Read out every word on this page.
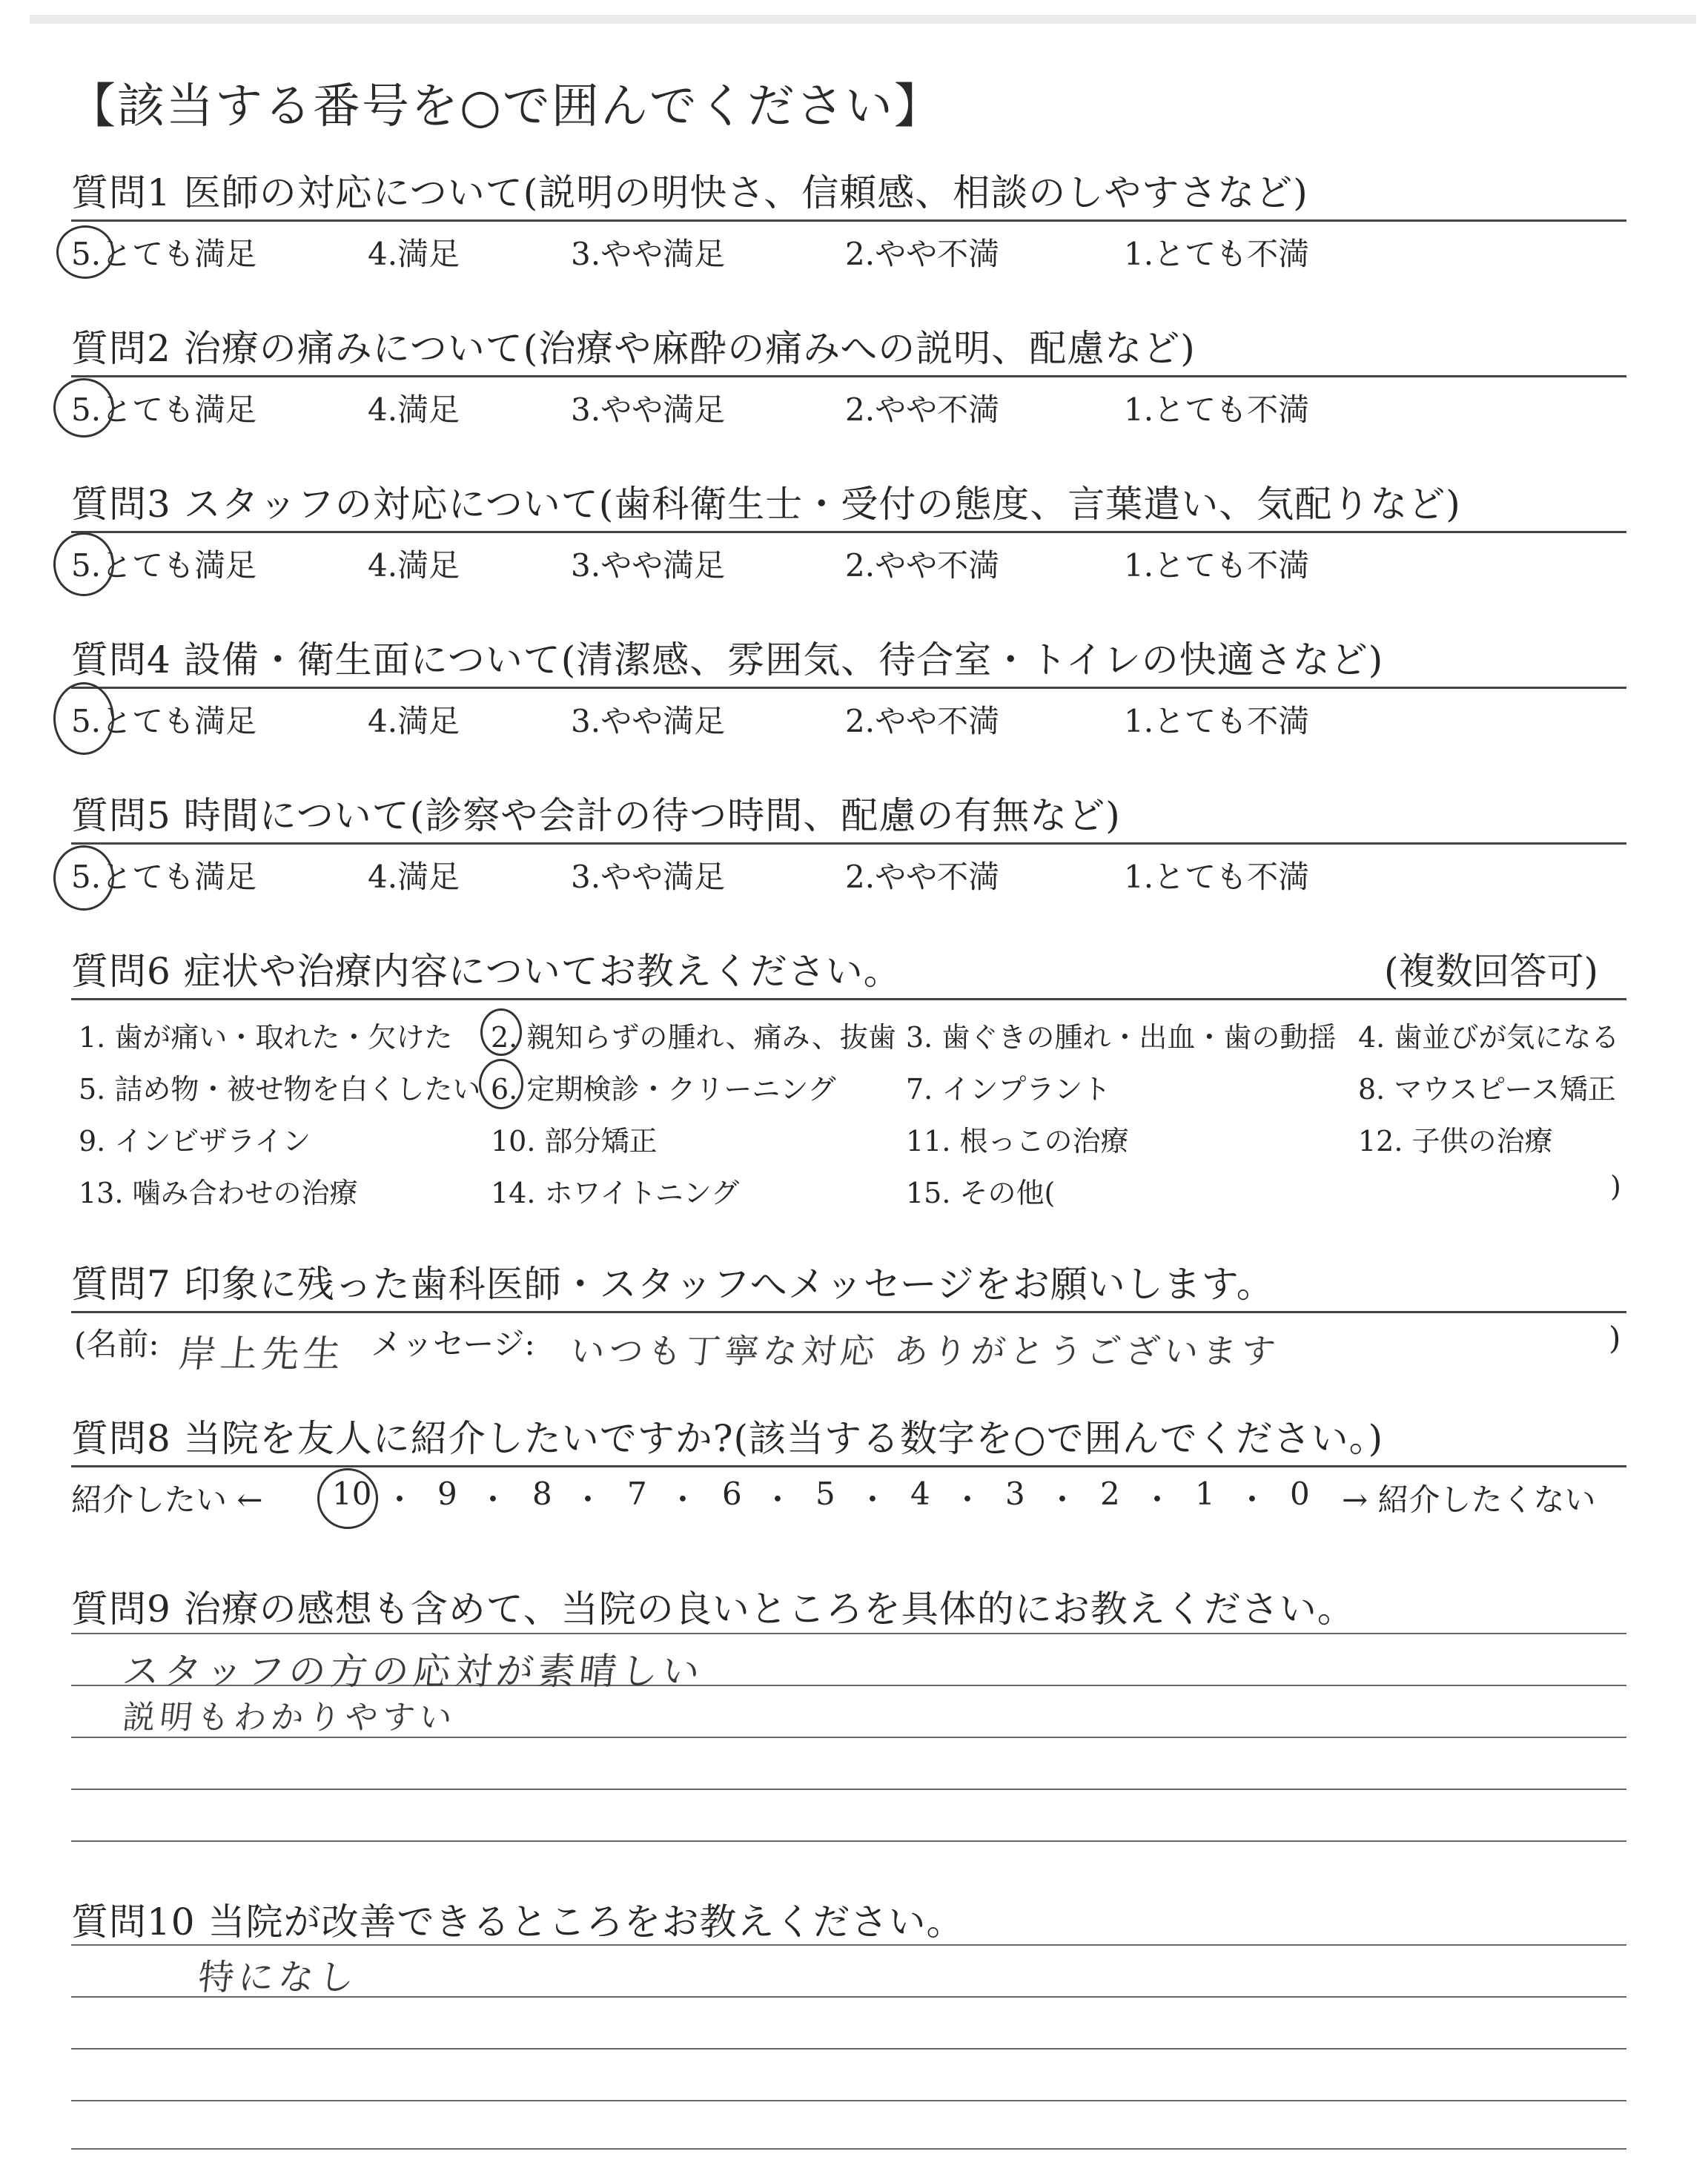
【該当する番号を○で囲んでください】
質問1 医師の対応について(説明の明快さ、信頼感、相談のしやすさなど)
5.とても満足	4.満足	3.やや満足	2.やや不満	1.とても不満
質問2 治療の痛みについて(治療や麻酔の痛みへの説明、配慮など)
5.とても満足	4.満足	3.やや満足	2.やや不満	1.とても不満
質問3 スタッフの対応について(歯科衛生士・受付の態度、言葉遣い、気配りなど)
5.とても満足	4.満足	3.やや満足	2.やや不満	1.とても不満
質問4 設備・衛生面について(清潔感、雰囲気、待合室・トイレの快適さなど)
5.とても満足	4.満足	3.やや満足	2.やや不満	1.とても不満
質問5 時間について(診察や会計の待つ時間、配慮の有無など)
5.とても満足	4.満足	3.やや満足	2.やや不満	1.とても不満
質問6 症状や治療内容についてお教えください。	(複数回答可)
1. 歯が痛い・取れた・欠けた 2. 親知らずの腫れ、痛み、抜歯 3. 歯ぐきの腫れ・出血・歯の動揺 4. 歯並びが気になる
5. 詰め物・被せ物を白くしたい 6. 定期検診・クリーニング 7. インプラント	8. マウスピース矯正
9. インビザライン	10. 部分矯正	11. 根っこの治療	12. 子供の治療
13. 噛み合わせの治療	14. ホワイトニング	15. その他(	)
質問7 印象に残った歯科医師・スタッフへメッセージをお願いします。
(名前: 岸上先生 メッセージ: いつも丁寧な対応 ありがとうございます	)
質問8 当院を友人に紹介したいですか?(該当する数字を○で囲んでください。)
紹介したい ← 10 ・ 9 ・ 8 ・ 7 ・ 6 ・ 5 ・ 4 ・ 3 ・ 2 ・ 1 ・ 0 → 紹介したくない
質問9 治療の感想も含めて、当院の良いところを具体的にお教えください。
スタッフの方の応対が素晴しい
説明もわかりやすい
質問10 当院が改善できるところをお教えください。
特になし
